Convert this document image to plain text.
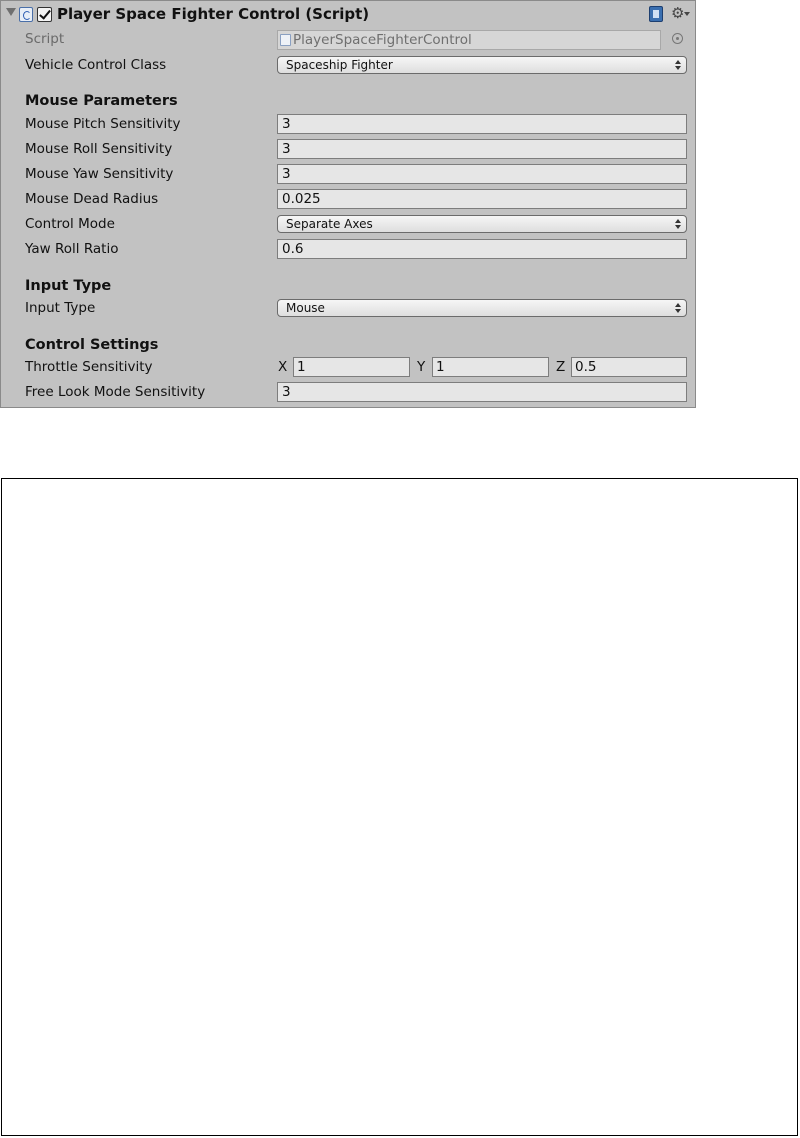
Player Space Fighter Control (Script)	⚙
Script	PlayerSpaceFighterControl
Vehicle Control Class	Spaceship Fighter
Mouse Parameters
Mouse Pitch Sensitivity	3
Mouse Roll Sensitivity	3
Mouse Yaw Sensitivity	3
Mouse Dead Radius	0.025
Control Mode	Separate Axes
Yaw Roll Ratio	0.6
Input Type
Input Type	Mouse
Control Settings
Throttle Sensitivity	X 1	Y 1	Z 0.5
Free Look Mode Sensitivity	3
